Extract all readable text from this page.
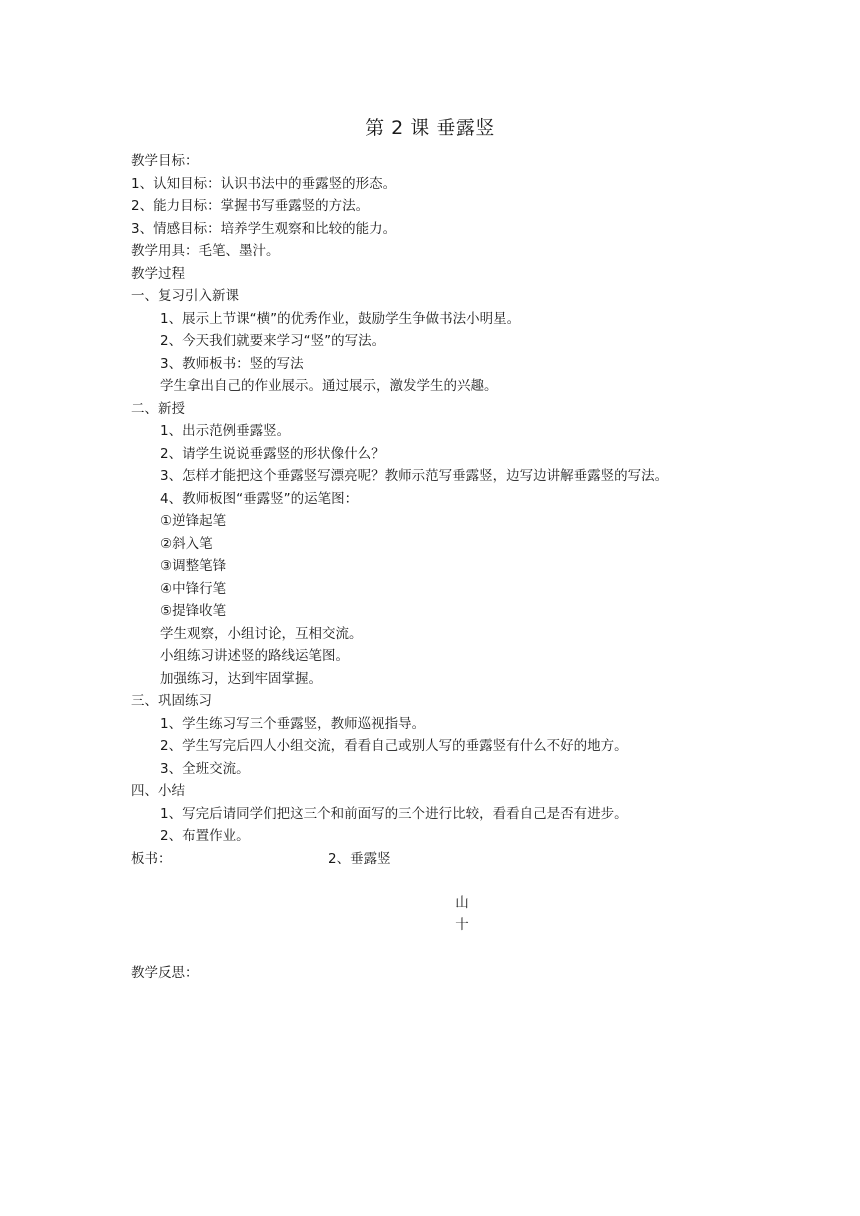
第 2 课 垂露竖
教学目标：
1、认知目标：认识书法中的垂露竖的形态。
2、能力目标：掌握书写垂露竖的方法。
3、情感目标：培养学生观察和比较的能力。
教学用具：毛笔、墨汁。
教学过程
一、复习引入新课
1、展示上节课“横”的优秀作业，鼓励学生争做书法小明星。
2、今天我们就要来学习“竖”的写法。
3、教师板书：竖的写法
学生拿出自己的作业展示。通过展示，激发学生的兴趣。
二、新授
1、出示范例垂露竖。
2、请学生说说垂露竖的形状像什么？
3、怎样才能把这个垂露竖写漂亮呢？教师示范写垂露竖，边写边讲解垂露竖的写法。
4、教师板图“垂露竖”的运笔图：
①逆锋起笔
②斜入笔
③调整笔锋
④中锋行笔
⑤提锋收笔
学生观察，小组讨论，互相交流。
小组练习讲述竖的路线运笔图。
加强练习，达到牢固掌握。
三、巩固练习
1、学生练习写三个垂露竖，教师巡视指导。
2、学生写完后四人小组交流，看看自己或别人写的垂露竖有什么不好的地方。
3、全班交流。
四、小结
1、写完后请同学们把这三个和前面写的三个进行比较，看看自己是否有进步。
2、布置作业。
板书：	2、垂露竖
山
十
教学反思：
